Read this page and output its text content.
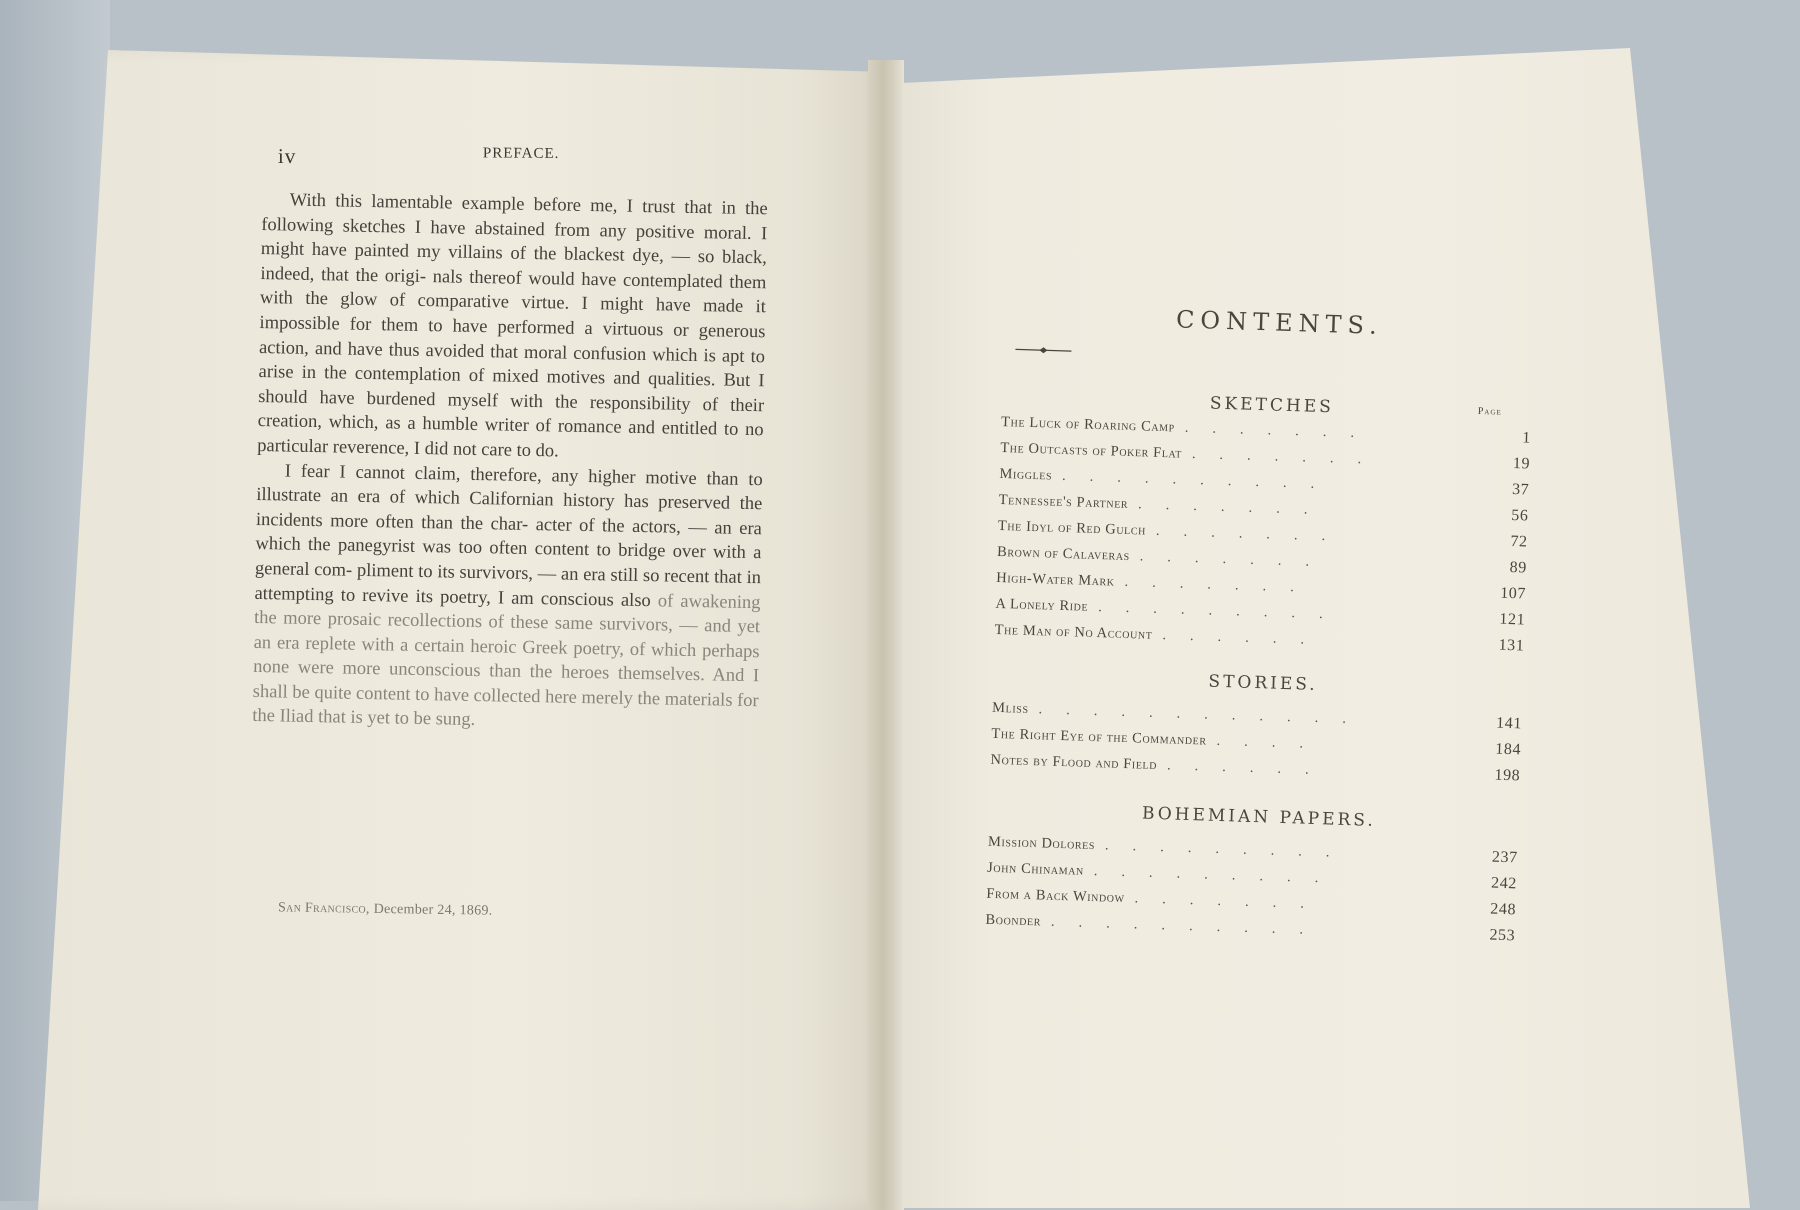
iv	PREFACE.

With this lamentable example before me, I trust that in the following sketches I have abstained from any positive moral. I might have painted my villains of the blackest dye, — so black, indeed, that the origi- nals thereof would have contemplated them with the glow of comparative virtue. I might have made it impossible for them to have performed a virtuous or generous action, and have thus avoided that moral confusion which is apt to arise in the contemplation of mixed motives and qualities. But I should have burdened myself with the responsibility of their creation, which, as a humble writer of romance and entitled to no particular reverence, I did not care to do.

I fear I cannot claim, therefore, any higher motive than to illustrate an era of which Californian history has preserved the incidents more often than the char- acter of the actors, — an era which the panegyrist was too often content to bridge over with a general com- pliment to its survivors, — an era still so recent that in attempting to revive its poetry, I am conscious also of awakening the more prosaic recollections of these same survivors, — and yet an era replete with a certain heroic Greek poetry, of which perhaps none were more unconscious than the heroes themselves. And I shall be quite content to have collected here merely the materials for the Iliad that is yet to be sung.

San Francisco, December 24, 1869.
CONTENTS.
SKETCHES	Page
The Luck of Roaring Camp .......	1
The Outcasts of Poker Flat .......	19
Miggles ..........	37
Tennessee's Partner .......	56
The Idyl of Red Gulch .......	72
Brown of Calaveras .......	89
High-Water Mark .......	107
A Lonely Ride .........	121
The Man of No Account ......	131
STORIES.
Mliss ............	141
The Right Eye of the Commander ....	184
Notes by Flood and Field ......	198
BOHEMIAN PAPERS.
Mission Dolores .........	237
John Chinaman .........	242
From a Back Window .......	248
Boonder ..........	253
